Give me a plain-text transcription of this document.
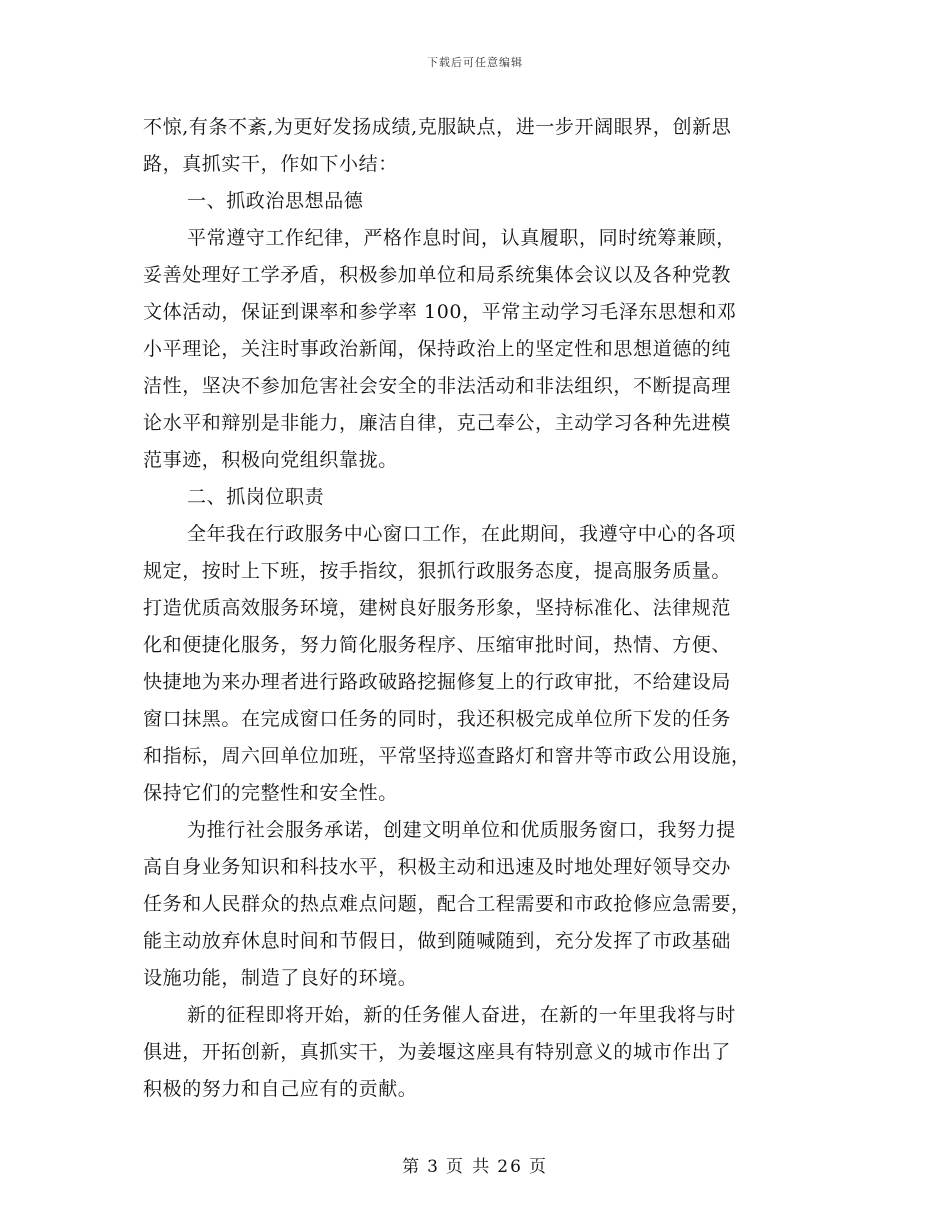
下载后可任意编辑
不惊,有条不紊,为更好发扬成绩,克服缺点，进一步开阔眼界，创新思
路，真抓实干，作如下小结：
一、抓政治思想品德
平常遵守工作纪律，严格作息时间，认真履职，同时统筹兼顾，
妥善处理好工学矛盾，积极参加单位和局系统集体会议以及各种党教
文体活动，保证到课率和参学率 100，平常主动学习毛泽东思想和邓
小平理论，关注时事政治新闻，保持政治上的坚定性和思想道德的纯
洁性，坚决不参加危害社会安全的非法活动和非法组织，不断提高理
论水平和辩别是非能力，廉洁自律，克己奉公，主动学习各种先进模
范事迹，积极向党组织靠拢。
二、抓岗位职责
全年我在行政服务中心窗口工作，在此期间，我遵守中心的各项
规定，按时上下班，按手指纹，狠抓行政服务态度，提高服务质量。
打造优质高效服务环境，建树良好服务形象，坚持标准化、法律规范
化和便捷化服务，努力简化服务程序、压缩审批时间，热情、方便、
快捷地为来办理者进行路政破路挖掘修复上的行政审批，不给建设局
窗口抹黑。在完成窗口任务的同时，我还积极完成单位所下发的任务
和指标，周六回单位加班，平常坚持巡查路灯和窨井等市政公用设施，
保持它们的完整性和安全性。
为推行社会服务承诺，创建文明单位和优质服务窗口，我努力提
高自身业务知识和科技水平，积极主动和迅速及时地处理好领导交办
任务和人民群众的热点难点问题，配合工程需要和市政抢修应急需要，
能主动放弃休息时间和节假日，做到随喊随到，充分发挥了市政基础
设施功能，制造了良好的环境。
新的征程即将开始，新的任务催人奋进，在新的一年里我将与时
俱进，开拓创新，真抓实干，为姜堰这座具有特别意义的城市作出了
积极的努力和自己应有的贡献。
第 3 页 共 26 页
